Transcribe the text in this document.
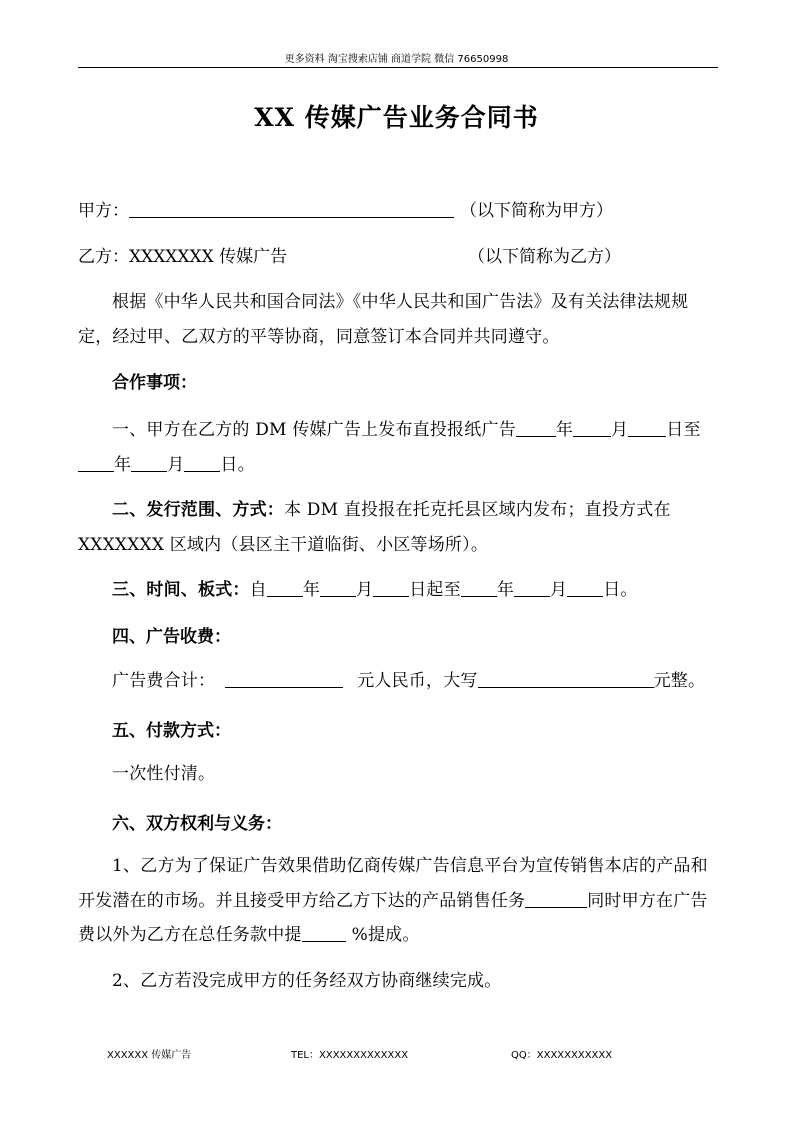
更多资料 淘宝搜索店铺 商道学院 微信 76650998
XX 传媒广告业务合同书
甲方：	（以下简称为甲方）
乙方：XXXXXXX 传媒广告	（以下简称为乙方）
根据《中华人民共和国合同法》《中华人民共和国广告法》及有关法律法规规定，经过甲、乙双方的平等协商，同意签订本合同并共同遵守。
合作事项：
一、甲方在乙方的 DM 传媒广告上发布直投报纸广告 年 月 日至年 月 日。
二、发行范围、方式：本 DM 直投报在托克托县区域内发布；直投方式在 XXXXXXX 区域内（县区主干道临街、小区等场所）。
三、时间、板式：自 年 月 日起至 年 月 日。
四、广告收费：
广告费合计：	元人民币，大写	元整。
五、付款方式：
一次性付清。
六、双方权利与义务：
1、乙方为了保证广告效果借助亿商传媒广告信息平台为宣传销售本店的产品和开发潜在的市场。并且接受甲方给乙方下达的产品销售任务	同时甲方在广告费以外为乙方在总任务款中提	%提成。
2、乙方若没完成甲方的任务经双方协商继续完成。
XXXXXX 传媒广告	TEL：XXXXXXXXXXXXX	QQ：XXXXXXXXXXX
